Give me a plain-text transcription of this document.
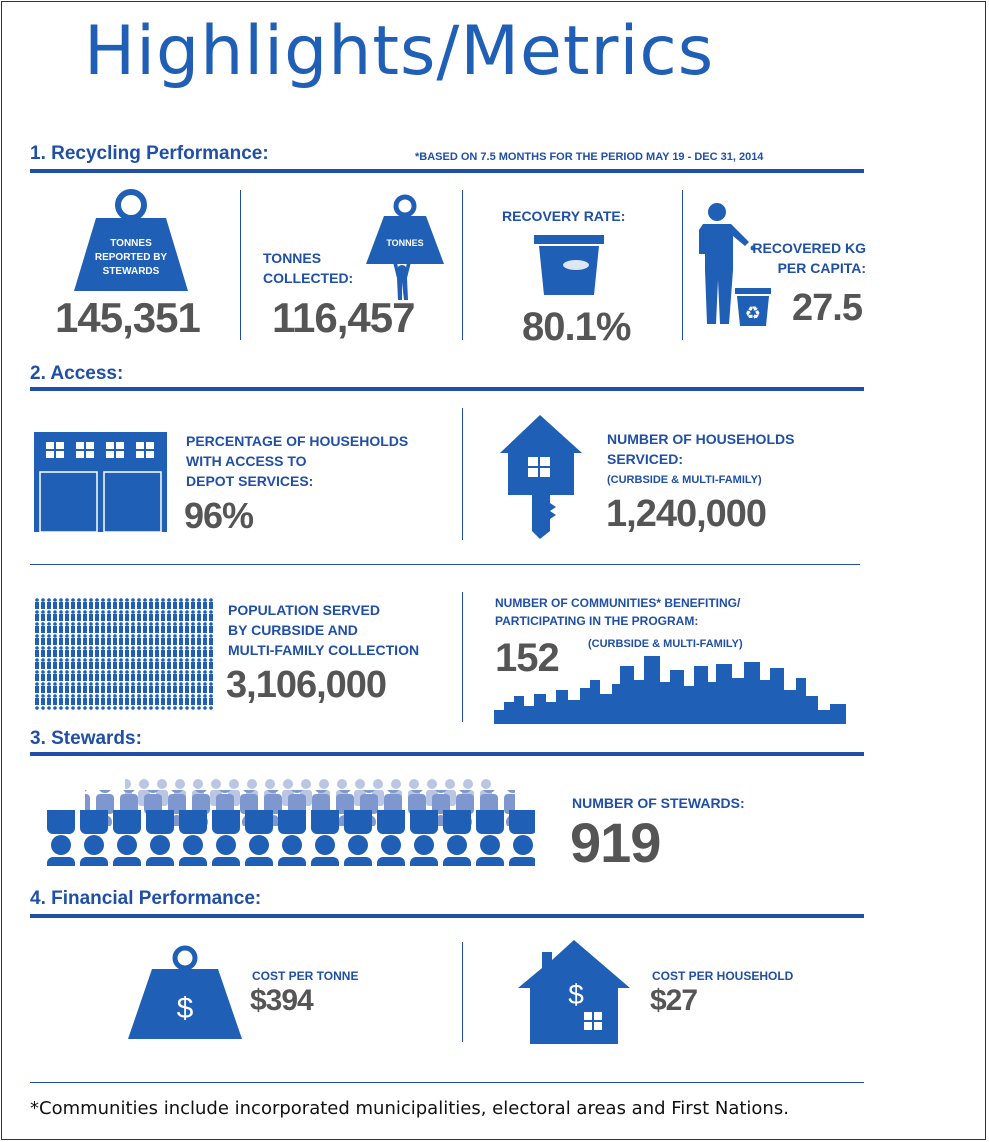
Highlights/Metrics
1. Recycling Performance:	*BASED ON 7.5 MONTHS FOR THE PERIOD MAY 19 - DEC 31, 2014
TONNES
REPORTED BY
STEWARDS
145,351
TONNES
COLLECTED:
TONNES
116,457
RECOVERY RATE:
80.1%	♻
RECOVERED KG
PER CAPITA:
27.5
2. Access:
PERCENTAGE OF HOUSEHOLDS
WITH ACCESS TO
DEPOT SERVICES:
96%
NUMBER OF HOUSEHOLDS
SERVICED:
(CURBSIDE & MULTI-FAMILY)
1,240,000
POPULATION SERVED
BY CURBSIDE AND
MULTI-FAMILY COLLECTION
3,106,000
NUMBER OF COMMUNITIES* BENEFITING/
PARTICIPATING IN THE PROGRAM:
152	(CURBSIDE & MULTI-FAMILY)
3. Stewards:
NUMBER OF STEWARDS:
919
4. Financial Performance:
$
COST PER TONNE
$394	$
COST PER HOUSEHOLD
$27
*Communities include incorporated municipalities, electoral areas and First Nations.
